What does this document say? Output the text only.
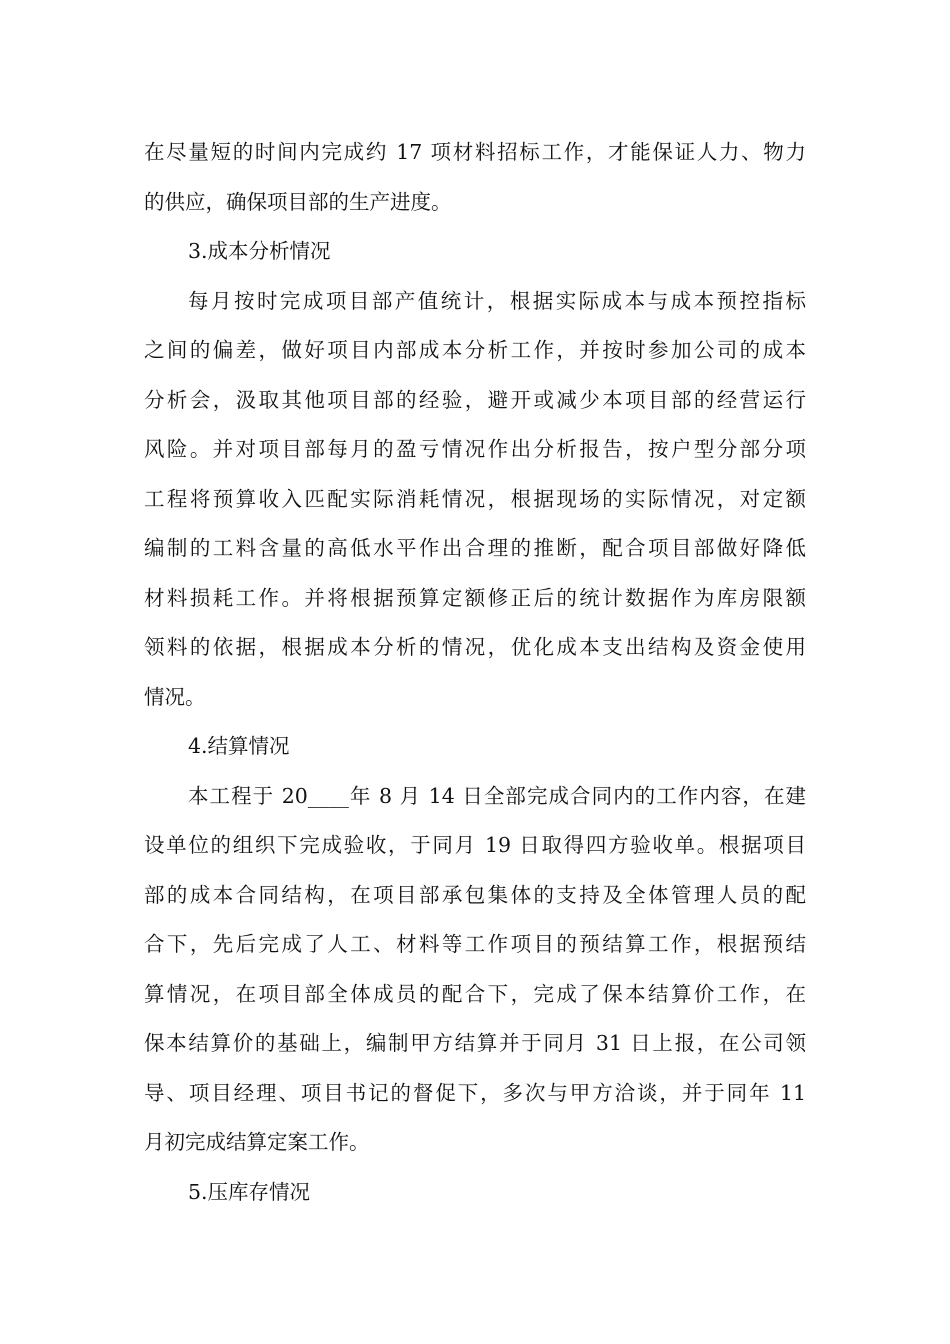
在尽量短的时间内完成约 17 项材料招标工作，才能保证人力、物力
的供应，确保项目部的生产进度。
3.成本分析情况
每月按时完成项目部产值统计，根据实际成本与成本预控指标
之间的偏差，做好项目内部成本分析工作，并按时参加公司的成本
分析会，汲取其他项目部的经验，避开或减少本项目部的经营运行
风险。并对项目部每月的盈亏情况作出分析报告，按户型分部分项
工程将预算收入匹配实际消耗情况，根据现场的实际情况，对定额
编制的工料含量的高低水平作出合理的推断，配合项目部做好降低
材料损耗工作。并将根据预算定额修正后的统计数据作为库房限额
领料的依据，根据成本分析的情况，优化成本支出结构及资金使用
情况。
4.结算情况
本工程于 20____年 8 月 14 日全部完成合同内的工作内容，在建
设单位的组织下完成验收，于同月 19 日取得四方验收单。根据项目
部的成本合同结构，在项目部承包集体的支持及全体管理人员的配
合下，先后完成了人工、材料等工作项目的预结算工作，根据预结
算情况，在项目部全体成员的配合下，完成了保本结算价工作，在
保本结算价的基础上，编制甲方结算并于同月 31 日上报，在公司领
导、项目经理、项目书记的督促下，多次与甲方洽谈，并于同年 11
月初完成结算定案工作。
5.压库存情况
